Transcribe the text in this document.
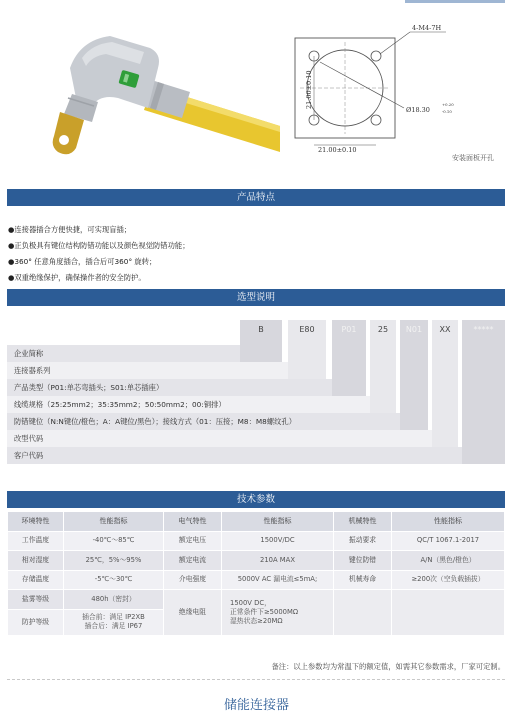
4-M4-7H
21.00±0.10
21.00±0.10
Ø18.30
+0.20
-0.10
安装面板开孔
产品特点
●连接器插合方便快捷，可实现盲插；
●正负极具有键位结构防错功能以及颜色视觉防错功能；
●360° 任意角度插合，插合后可360° 旋转；
●双重绝缘保护，确保操作者的安全防护。
选型说明
B	E80	P01	25	N01	XX	*****
企业简称
连接器系列
产品类型（P01:单芯弯插头；S01:单芯插座）
线缆规格（25:25mm2；35:35mm2；50:50mm2；00:铜排）
防错键位（N:N键位/橙色；A：A键位/黑色）；接线方式（01：压接；M8：M8螺纹孔）
改型代码
客户代码
技术参数
环境特性	性能指标	电气特性	性能指标	机械特性	性能指标
工作温度	-40℃～85℃	额定电压	1500V/DC	振动要求	QC/T 1067.1-2017
相对湿度	25℃，5%～95%	额定电流	210A MAX	键位防错	A/N（黑色/橙色）
存储温度	-5℃～30℃	介电强度	5000V AC 漏电流≤5mA;	机械寿命	≥200次（空负载插拔）
盐雾等级	480h（密封）	绝缘电阻	1500V DC，
正常条件下≥5000MΩ
湿热状态≥20MΩ		

防护等级	插合前：满足 IP2XB
插合后：满足 IP67				
备注：以上参数均为常温下的额定值，如需其它参数需求，厂家可定制。
储能连接器
